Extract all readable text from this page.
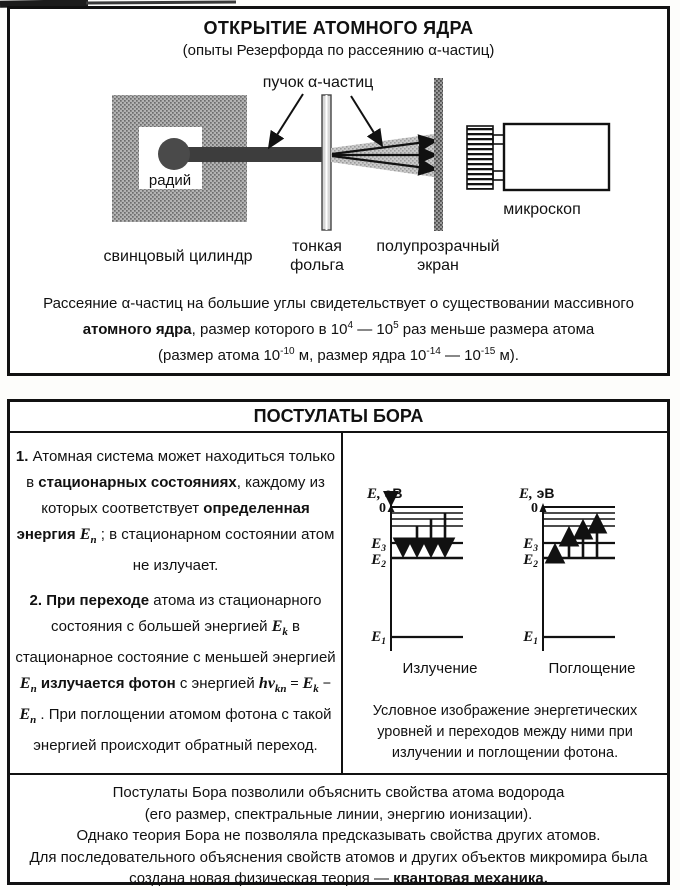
ОТКРЫТИЕ АТОМНОГО ЯДРА
(опыты Резерфорда по рассеянию α-частиц)
радий
пучок α-частиц
свинцовый цилиндр
тонкая
фольга
полупрозрачный
экран
микроскоп
Рассеяние α-частиц на большие углы свидетельствует о существовании массивного
атомного ядра, размер которого в $10^4$ — $10^5$ раз меньше размера атома
(размер атома $10^{-10}$ м, размер ядра $10^{-14}$ — $10^{-15}$ м).
ПОСТУЛАТЫ БОРА

1. Атомная система может находиться только в стационарных состояниях, каждому из которых соответствует определенная энергия $E_n$ ; в стационарном состоянии атом не излучает.

2. При переходе атома из стационарного состояния с большей энергией $E_k$ в стационарное состояние с меньшей энергией $E_n$ излучается фотон с энергией $h\nu_{kn} = E_k - E_n$ . При поглощении атомом фотона с такой энергией происходит обратный переход.

E, эВ
0
E3
E2
E1
Излучение
E, эВ
0
E3
E2
E1
Поглощение
Условное изображение энергетических уровней и переходов между ними при излучении и поглощении фотона.
Постулаты Бора позволили объяснить свойства атома водорода
(его размер, спектральные линии, энергию ионизации).
Однако теория Бора не позволяла предсказывать свойства других атомов.
Для последовательного объяснения свойств атомов и других объектов микромира была
создана новая физическая теория — квантовая механика.
